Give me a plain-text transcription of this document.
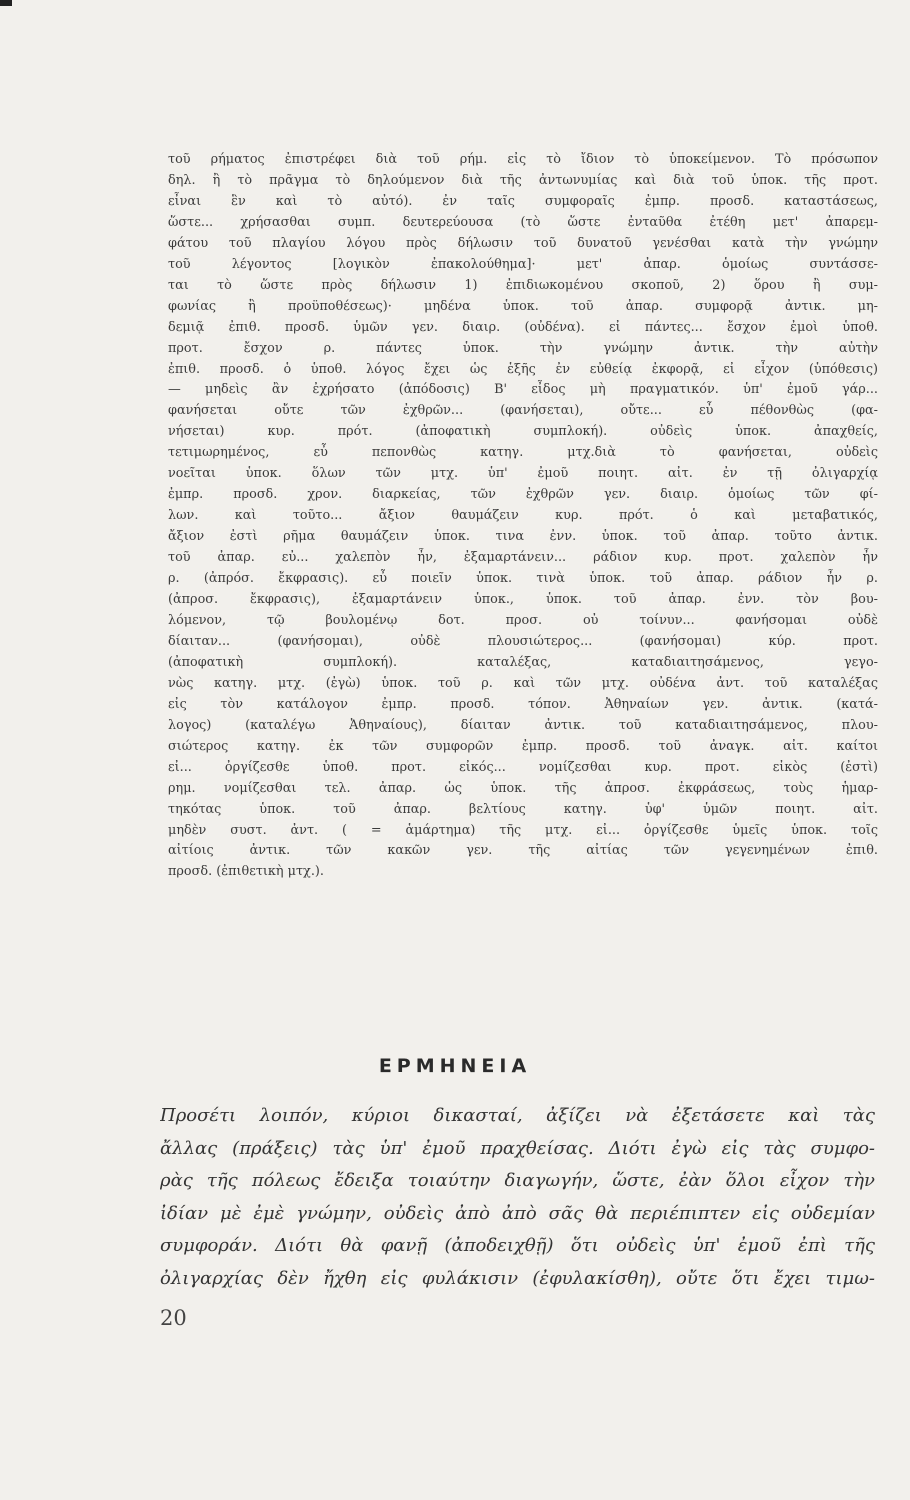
τοῦ ρήματος ἐπιστρέφει διὰ τοῦ ρήμ. εἰς τὸ ἴδιον τὸ ὑποκείμενον. Τὸ πρόσωπον
δηλ. ἢ τὸ πρᾶγμα τὸ δηλούμενον διὰ τῆς ἀντωνυμίας καὶ διὰ τοῦ ὑποκ. τῆς προτ.
εἶναι ἓν καὶ τὸ αὐτό). ἐν ταῖς συμφοραῖς ἐμπρ. προσδ. καταστάσεως,
ὥστε... χρήσασθαι συμπ. δευτερεύουσα (τὸ ὥστε ἐνταῦθα ἐτέθη μετ' ἀπαρεμ-
φάτου τοῦ πλαγίου λόγου πρὸς δήλωσιν τοῦ δυνατοῦ γενέσθαι κατὰ τὴν γνώμην
τοῦ λέγοντος [λογικὸν ἐπακολούθημα]· μετ' ἀπαρ. ὁμοίως συντάσσε-
ται τὸ ὥστε πρὸς δήλωσιν 1) ἐπιδιωκομένου σκοποῦ, 2) ὅρου ἢ συμ-
φωνίας ἢ προϋποθέσεως)· μηδένα ὑποκ. τοῦ ἀπαρ. συμφορᾷ ἀντικ. μη-
δεμιᾷ ἐπιθ. προσδ. ὑμῶν γεν. διαιρ. (οὐδένα). εἰ πάντες... ἔσχον ἐμοὶ ὑποθ.
προτ. ἔσχον ρ. πάντες ὑποκ. τὴν γνώμην ἀντικ. τὴν αὐτὴν
ἐπιθ. προσδ. ὁ ὑποθ. λόγος ἔχει ὡς ἑξῆς ἐν εὐθείᾳ ἐκφορᾷ, εἰ εἶχον (ὑπόθεσις)
— μηδεὶς ἂν ἐχρήσατο (ἀπόδοσις) Β' εἶδος μὴ πραγματικόν. ὑπ' ἐμοῦ γάρ...
φανήσεται οὔτε τῶν ἐχθρῶν... (φανήσεται), οὔτε... εὖ πέθονθὼς (φα-
νήσεται) κυρ. πρότ. (ἀποφατικὴ συμπλοκή). οὐδεὶς ὑποκ. ἀπαχθείς,
τετιμωρημένος, εὖ πεπονθὼς κατηγ. μτχ.διὰ τὸ φανήσεται, οὐδεὶς
νοεῖται ὑποκ. ὅλων τῶν μτχ. ὑπ' ἐμοῦ ποιητ. αἰτ. ἐν τῇ ὀλιγαρχίᾳ
ἐμπρ. προσδ. χρον. διαρκείας, τῶν ἐχθρῶν γεν. διαιρ. ὁμοίως τῶν φί-
λων. καὶ τοῦτο... ἄξιον θαυμάζειν κυρ. πρότ. ὁ καὶ μεταβατικός,
ἄξιον ἐστὶ ρῆμα θαυμάζειν ὑποκ. τινα ἐνν. ὑποκ. τοῦ ἀπαρ. τοῦτο ἀντικ.
τοῦ ἀπαρ. εὐ... χαλεπὸν ἦν, ἐξαμαρτάνειν... ράδιον κυρ. προτ. χαλεπὸν ἦν
ρ. (ἀπρόσ. ἔκφρασις). εὖ ποιεῖν ὑποκ. τινὰ ὑποκ. τοῦ ἀπαρ. ράδιον ἦν ρ.
(ἀπροσ. ἔκφρασις), ἐξαμαρτάνειν ὑποκ., ὑποκ. τοῦ ἀπαρ. ἐνν. τὸν βου-
λόμενον, τῷ βουλομένῳ δοτ. προσ. οὐ τοίνυν... φανήσομαι οὐδὲ
δίαιταν... (φανήσομαι), οὐδὲ πλουσιώτερος... (φανήσομαι) κύρ. προτ.
(ἀποφατικὴ συμπλοκή). καταλέξας, καταδιαιτησάμενος, γεγο-
νὼς κατηγ. μτχ. (ἐγὼ) ὑποκ. τοῦ ρ. καὶ τῶν μτχ. οὐδένα ἀντ. τοῦ καταλέξας
εἰς τὸν κατάλογον ἐμπρ. προσδ. τόπον. Ἀθηναίων γεν. ἀντικ. (κατά-
λογος) (καταλέγω Ἀθηναίους), δίαιταν ἀντικ. τοῦ καταδιαιτησάμενος, πλου-
σιώτερος κατηγ. ἐκ τῶν συμφορῶν ἐμπρ. προσδ. τοῦ ἀναγκ. αἰτ. καίτοι
εἰ... ὀργίζεσθε ὑποθ. προτ. εἰκός... νομίζεσθαι κυρ. προτ. εἰκὸς (ἐστὶ)
ρημ. νομίζεσθαι τελ. ἀπαρ. ὡς ὑποκ. τῆς ἀπροσ. ἐκφράσεως, τοὺς ἡμαρ-
τηκότας ὑποκ. τοῦ ἀπαρ. βελτίους κατηγ. ὑφ' ὑμῶν ποιητ. αἰτ.
μηδὲν συστ. ἀντ. ( = ἁμάρτημα) τῆς μτχ. εἰ... ὀργίζεσθε ὑμεῖς ὑποκ. τοῖς
αἰτίοις ἀντικ. τῶν κακῶν γεν. τῆς αἰτίας τῶν γεγενημένων ἐπιθ.
προσδ. (ἐπιθετικὴ μτχ.).
ΕΡΜΗΝΕΙΑ
Προσέτι λοιπόν, κύριοι δικασταί, ἀξίζει νὰ ἐξετάσετε καὶ τὰς
ἄλλας (πράξεις) τὰς ὑπ' ἐμοῦ πραχθείσας. Διότι ἐγὼ εἰς τὰς συμφο-
ρὰς τῆς πόλεως ἔδειξα τοιαύτην διαγωγήν, ὥστε, ἐὰν ὅλοι εἶχον τὴν
ἰδίαν μὲ ἐμὲ γνώμην, οὐδεὶς ἀπὸ ἀπὸ σᾶς θὰ περιέπιπτεν εἰς οὐδεμίαν
συμφοράν. Διότι θὰ φανῇ (ἀποδειχθῇ) ὅτι οὐδεὶς ὑπ' ἐμοῦ ἐπὶ τῆς
ὀλιγαρχίας δὲν ἤχθη εἰς φυλάκισιν (ἐφυλακίσθη), οὔτε ὅτι ἔχει τιμω-
20
